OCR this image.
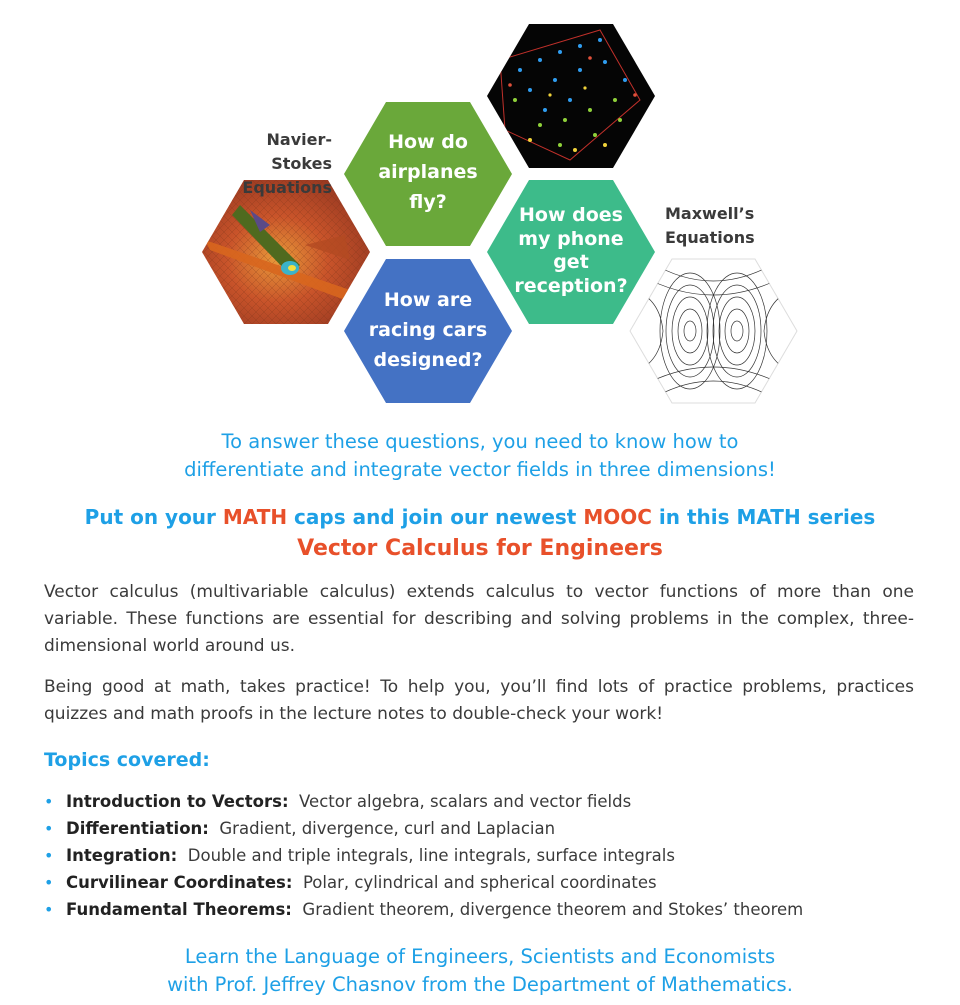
Navier-Stokes
Equations
Maxwell’s
Equations
How do
airplanes
fly?
How does
my phone
get
reception?
How are
racing cars
designed?
To answer these questions, you need to know how to
differentiate and integrate vector fields in three dimensions!
Put on your MATH caps and join our newest MOOC in this MATH series
Vector Calculus for Engineers
Vector calculus (multivariable calculus) extends calculus to vector functions of more than one variable. These functions are essential for describing and solving problems in the complex, three-dimensional world around us.
Being good at math, takes practice! To help you, you’ll find lots of practice problems, practices quizzes and math proofs in the lecture notes to double-check your work!
Topics covered:
• Introduction to Vectors: Vector algebra, scalars and vector fields
• Differentiation: Gradient, divergence, curl and Laplacian
• Integration: Double and triple integrals, line integrals, surface integrals
• Curvilinear Coordinates: Polar, cylindrical and spherical coordinates
• Fundamental Theorems: Gradient theorem, divergence theorem and Stokes’ theorem
Learn the Language of Engineers, Scientists and Economists
with Prof. Jeffrey Chasnov from the Department of Mathematics.
